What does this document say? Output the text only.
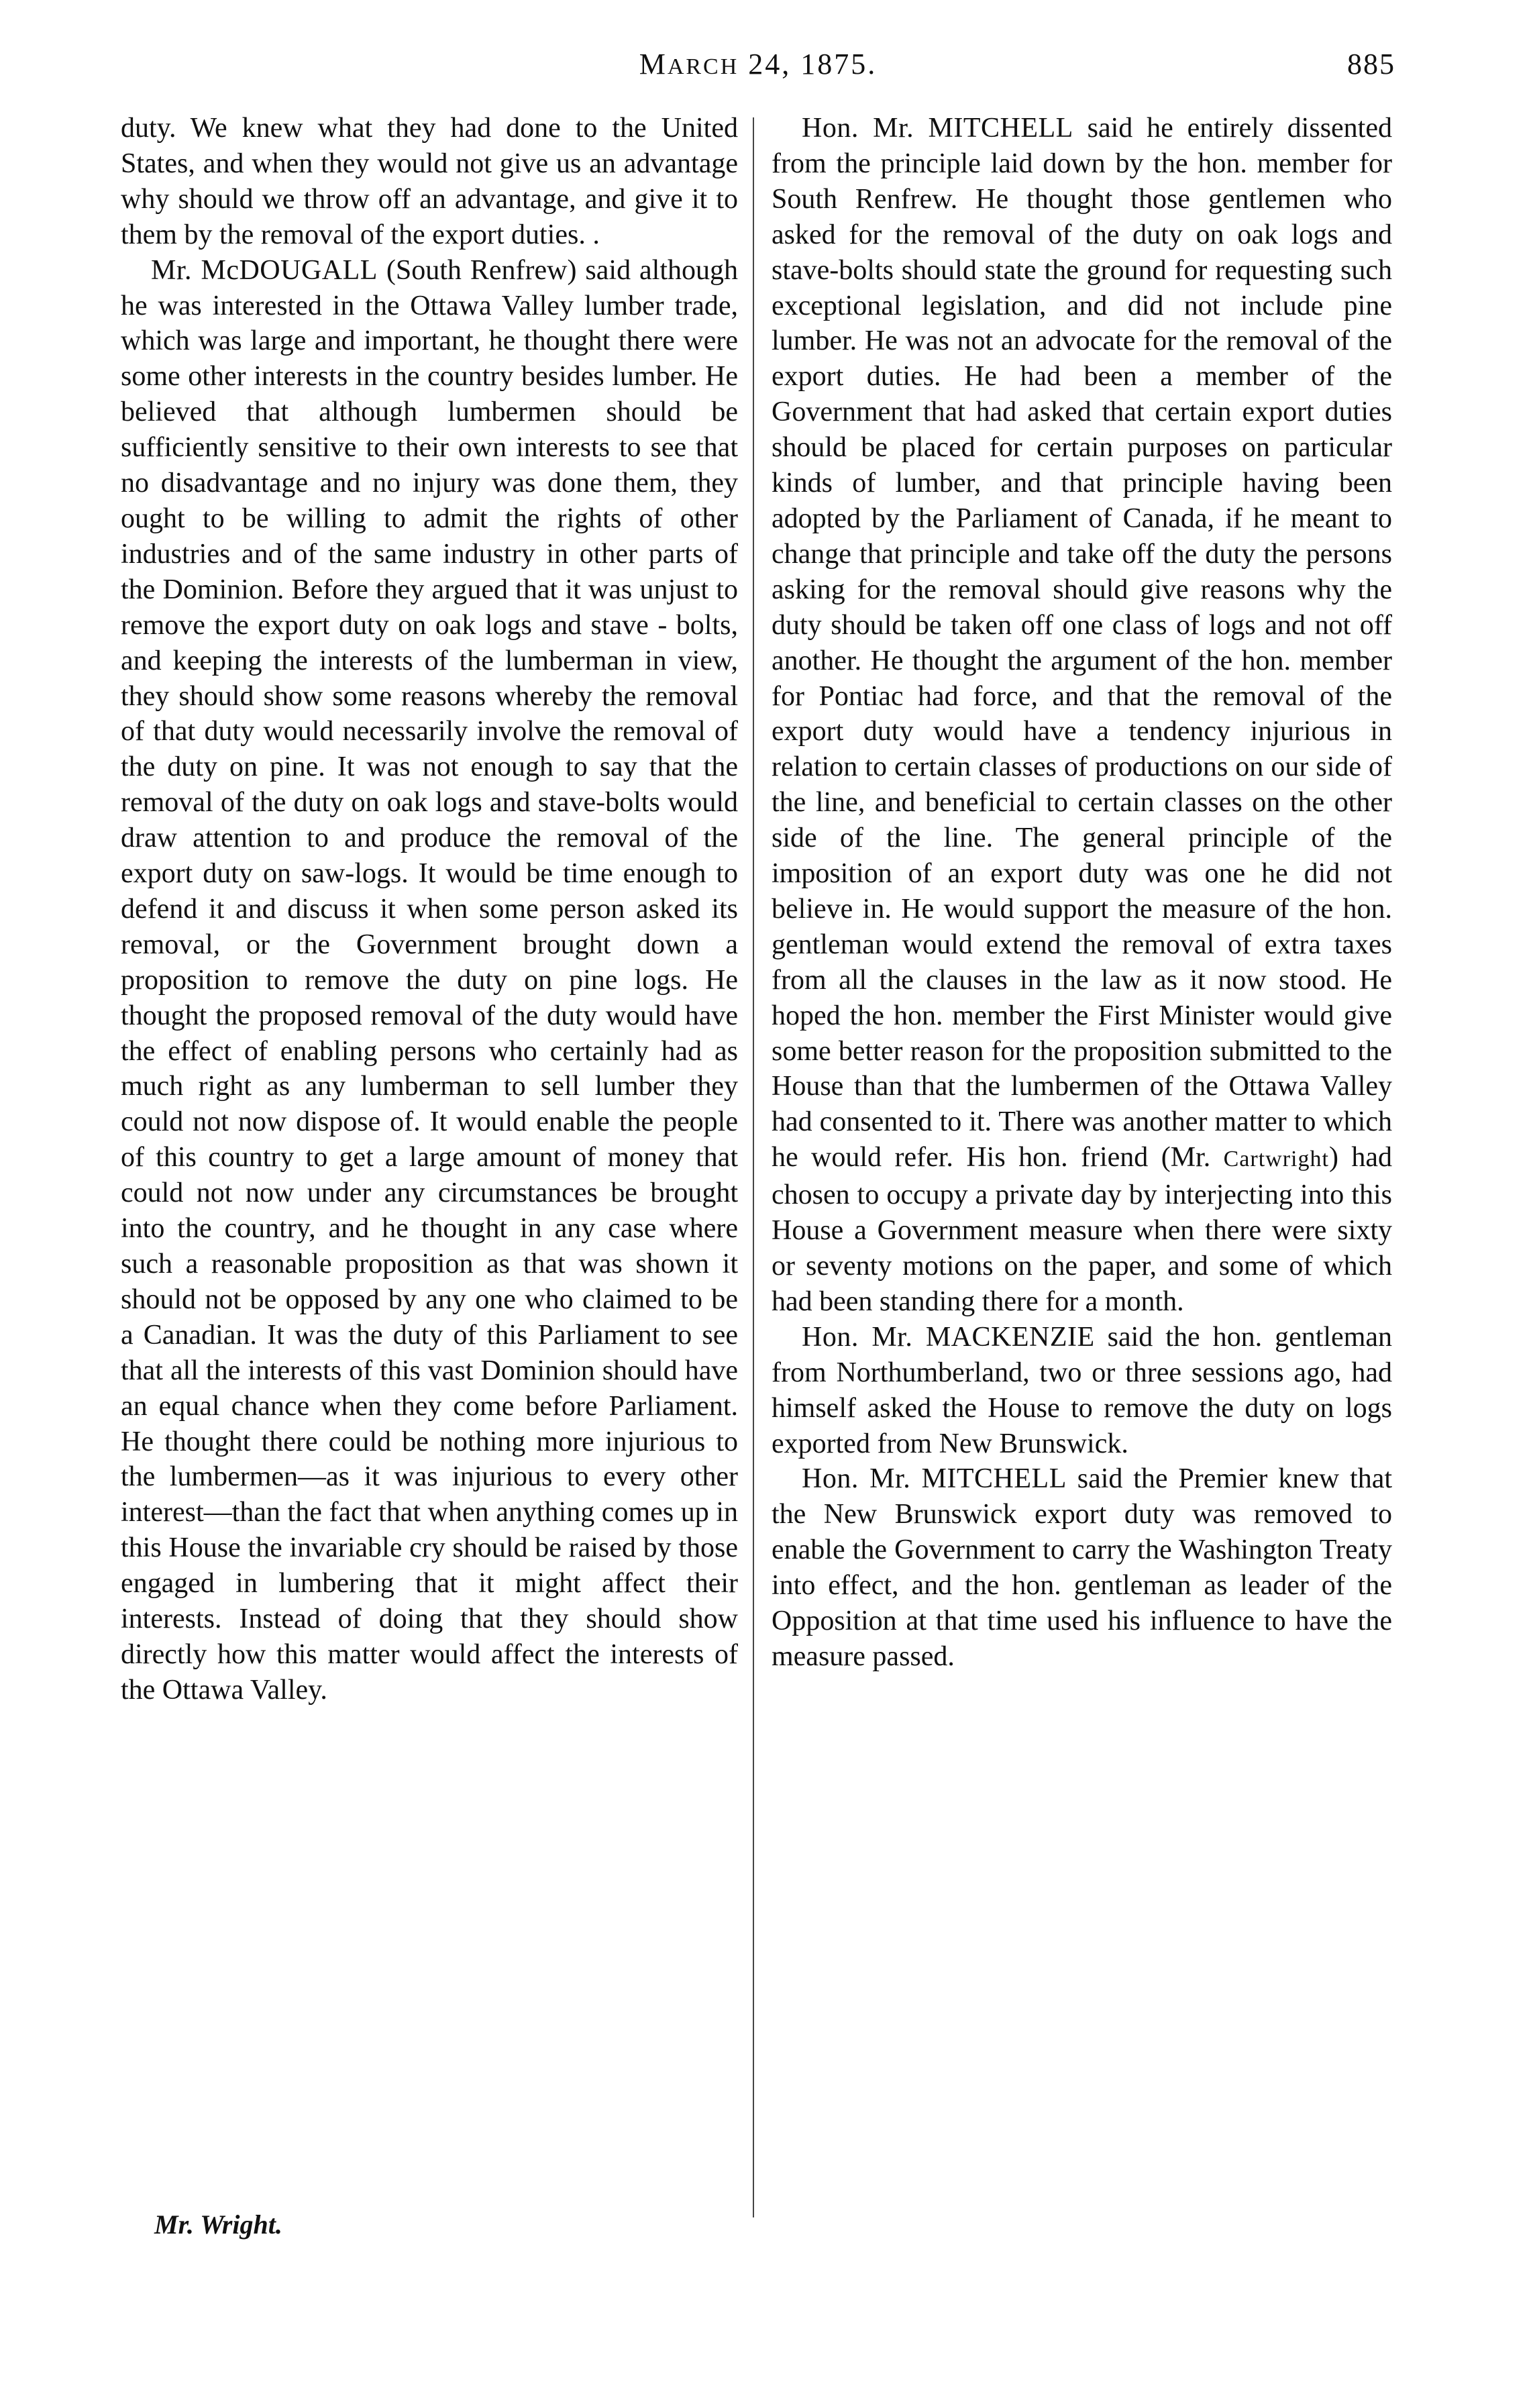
MARCH 24, 1875.	885

duty. We knew what they had done to the United States, and when they would not give us an advantage why should we throw off an advantage, and give it to them by the removal of the export duties. .

Mr. McDOUGALL (South Renfrew) said although he was interested in the Ottawa Valley lumber trade, which was large and important, he thought there were some other interests in the country besides lumber. He believed that although lumbermen should be sufficiently sensitive to their own interests to see that no disadvantage and no injury was done them, they ought to be willing to admit the rights of other industries and of the same industry in other parts of the Dominion. Before they argued that it was unjust to remove the export duty on oak logs and stave - bolts, and keeping the interests of the lumberman in view, they should show some reasons whereby the removal of that duty would necessarily involve the removal of the duty on pine. It was not enough to say that the removal of the duty on oak logs and stave-bolts would draw attention to and produce the removal of the export duty on saw-logs. It would be time enough to defend it and discuss it when some person asked its removal, or the Government brought down a proposition to remove the duty on pine logs. He thought the proposed removal of the duty would have the effect of enabling persons who certainly had as much right as any lumberman to sell lumber they could not now dispose of. It would enable the people of this country to get a large amount of money that could not now under any circumstances be brought into the country, and he thought in any case where such a reasonable proposition as that was shown it should not be opposed by any one who claimed to be a Canadian. It was the duty of this Parliament to see that all the interests of this vast Dominion should have an equal chance when they come before Parliament. He thought there could be nothing more injurious to the lumbermen—as it was injurious to every other interest—than the fact that when anything comes up in this House the invariable cry should be raised by those engaged in lumbering that it might affect their interests. Instead of doing that they should show directly how this matter would affect the interests of the Ottawa Valley.

Hon. Mr. MITCHELL said he entirely dissented from the principle laid down by the hon. member for South Renfrew. He thought those gentlemen who asked for the removal of the duty on oak logs and stave-bolts should state the ground for requesting such exceptional legislation, and did not include pine lumber. He was not an advocate for the removal of the export duties. He had been a member of the Government that had asked that certain export duties should be placed for certain purposes on particular kinds of lumber, and that principle having been adopted by the Parliament of Canada, if he meant to change that principle and take off the duty the persons asking for the removal should give reasons why the duty should be taken off one class of logs and not off another. He thought the argument of the hon. member for Pontiac had force, and that the removal of the export duty would have a tendency injurious in relation to certain classes of productions on our side of the line, and beneficial to certain classes on the other side of the line. The general principle of the imposition of an export duty was one he did not believe in. He would support the measure of the hon. gentleman would extend the removal of extra taxes from all the clauses in the law as it now stood. He hoped the hon. member the First Minister would give some better reason for the proposition submitted to the House than that the lumbermen of the Ottawa Valley had consented to it. There was another matter to which he would refer. His hon. friend (Mr. Cartwright) had chosen to occupy a private day by interjecting into this House a Government measure when there were sixty or seventy motions on the paper, and some of which had been standing there for a month.

Hon. Mr. MACKENZIE said the hon. gentleman from Northumberland, two or three sessions ago, had himself asked the House to remove the duty on logs exported from New Brunswick.

Hon. Mr. MITCHELL said the Premier knew that the New Brunswick export duty was removed to enable the Government to carry the Washington Treaty into effect, and the hon. gentleman as leader of the Opposition at that time used his influence to have the measure passed.

Mr. Wright.
